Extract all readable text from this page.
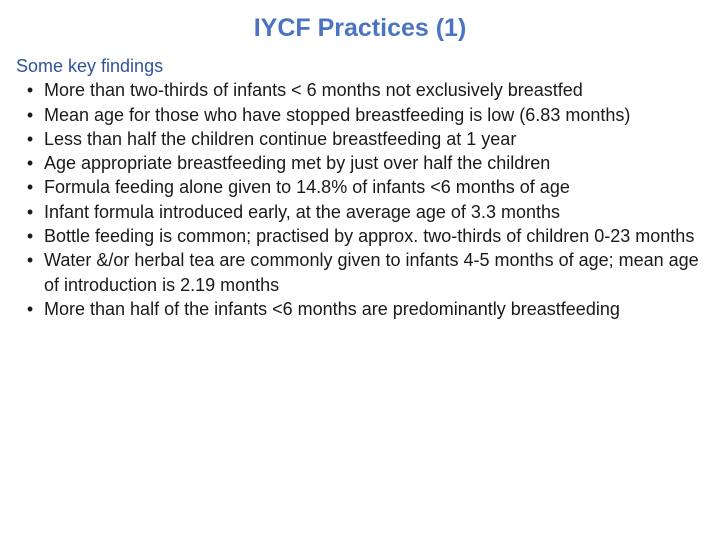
IYCF Practices (1)

Some key findings

• More than two-thirds of infants < 6 months not exclusively breastfed
• Mean age for those who have stopped breastfeeding is low (6.83 months)
• Less than half the children continue breastfeeding at 1 year
• Age appropriate breastfeeding met by just over half the children
• Formula feeding alone given to 14.8% of infants <6 months of age
• Infant formula introduced early, at the average age of 3.3 months
• Bottle feeding is common; practised by approx. two-thirds of children 0-23 months
• Water &/or herbal tea are commonly given to infants 4-5 months of age; mean age of introduction is 2.19 months
• More than half of the infants <6 months are predominantly breastfeeding
